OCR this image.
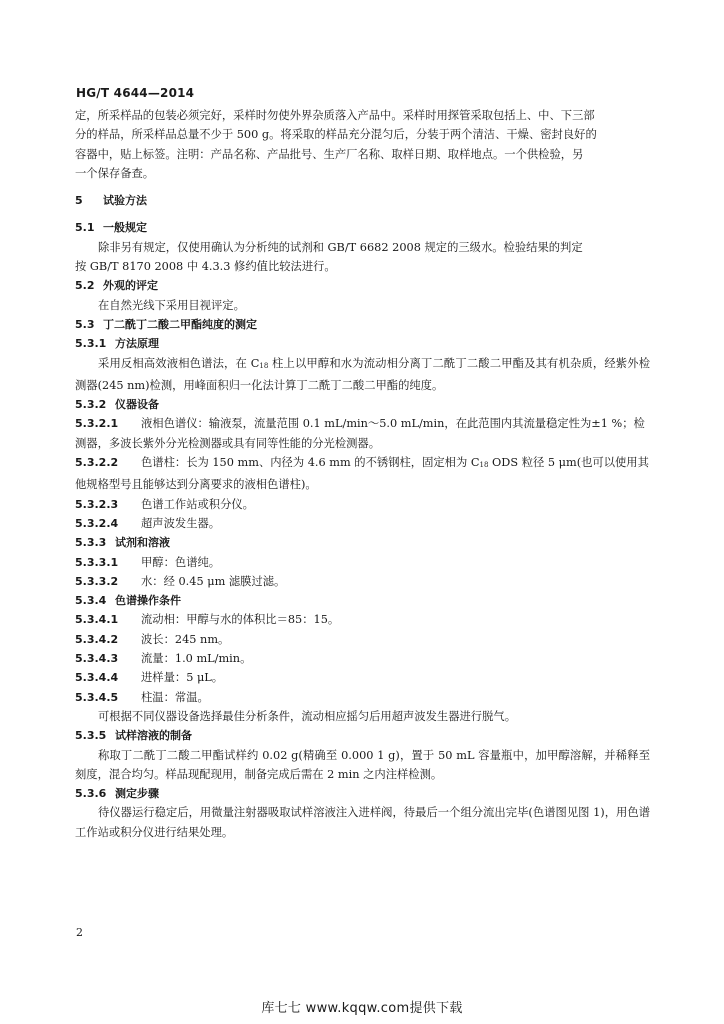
HG/T 4644—2014
定，所采样品的包装必须完好，采样时勿使外界杂质落入产品中。采样时用探管采取包括上、中、下三部
分的样品，所采样品总量不少于 500 g。将采取的样品充分混匀后，分装于两个清洁、干燥、密封良好的
容器中，贴上标签。注明：产品名称、产品批号、生产厂名称、取样日期、取样地点。一个供检验，另
一个保存备查。
5 试验方法
5.1 一般规定
除非另有规定，仅使用确认为分析纯的试剂和 GB/T 6682 2008 规定的三级水。检验结果的判定
按 GB/T 8170 2008 中 4.3.3 修约值比较法进行。
5.2 外观的评定
在自然光线下采用目视评定。
5.3 丁二酰丁二酸二甲酯纯度的测定
5.3.1 方法原理
采用反相高效液相色谱法，在 $C_{18}$ 柱上以甲醇和水为流动相分离丁二酰丁二酸二甲酯及其有机杂质，经紫外检测器(245 nm)检测，用峰面积归一化法计算丁二酰丁二酸二甲酯的纯度。
5.3.2 仪器设备
5.3.2.1 液相色谱仪：输液泵，流量范围 0.1 mL/min～5.0 mL/min，在此范围内其流量稳定性为±1 %；检测器，多波长紫外分光检测器或具有同等性能的分光检测器。
5.3.2.2 色谱柱：长为 150 mm、内径为 4.6 mm 的不锈钢柱，固定相为 $C_{18}$ ODS 粒径 5 μm(也可以使用其他规格型号且能够达到分离要求的液相色谱柱)。
5.3.2.3 色谱工作站或积分仪。
5.3.2.4 超声波发生器。
5.3.3 试剂和溶液
5.3.3.1 甲醇：色谱纯。
5.3.3.2 水：经 0.45 μm 滤膜过滤。
5.3.4 色谱操作条件
5.3.4.1 流动相：甲醇与水的体积比＝85：15。
5.3.4.2 波长：245 nm。
5.3.4.3 流量：1.0 mL/min。
5.3.4.4 进样量：5 μL。
5.3.4.5 柱温：常温。
可根据不同仪器设备选择最佳分析条件，流动相应摇匀后用超声波发生器进行脱气。
5.3.5 试样溶液的制备
称取丁二酰丁二酸二甲酯试样约 0.02 g(精确至 0.000 1 g)，置于 50 mL 容量瓶中，加甲醇溶解，并稀释至刻度，混合均匀。样品现配现用，制备完成后需在 2 min 之内注样检测。
5.3.6 测定步骤
待仪器运行稳定后，用微量注射器吸取试样溶液注入进样阀，待最后一个组分流出完毕(色谱图见图 1)，用色谱工作站或积分仪进行结果处理。
2
库七七 www.kqqw.com提供下载
